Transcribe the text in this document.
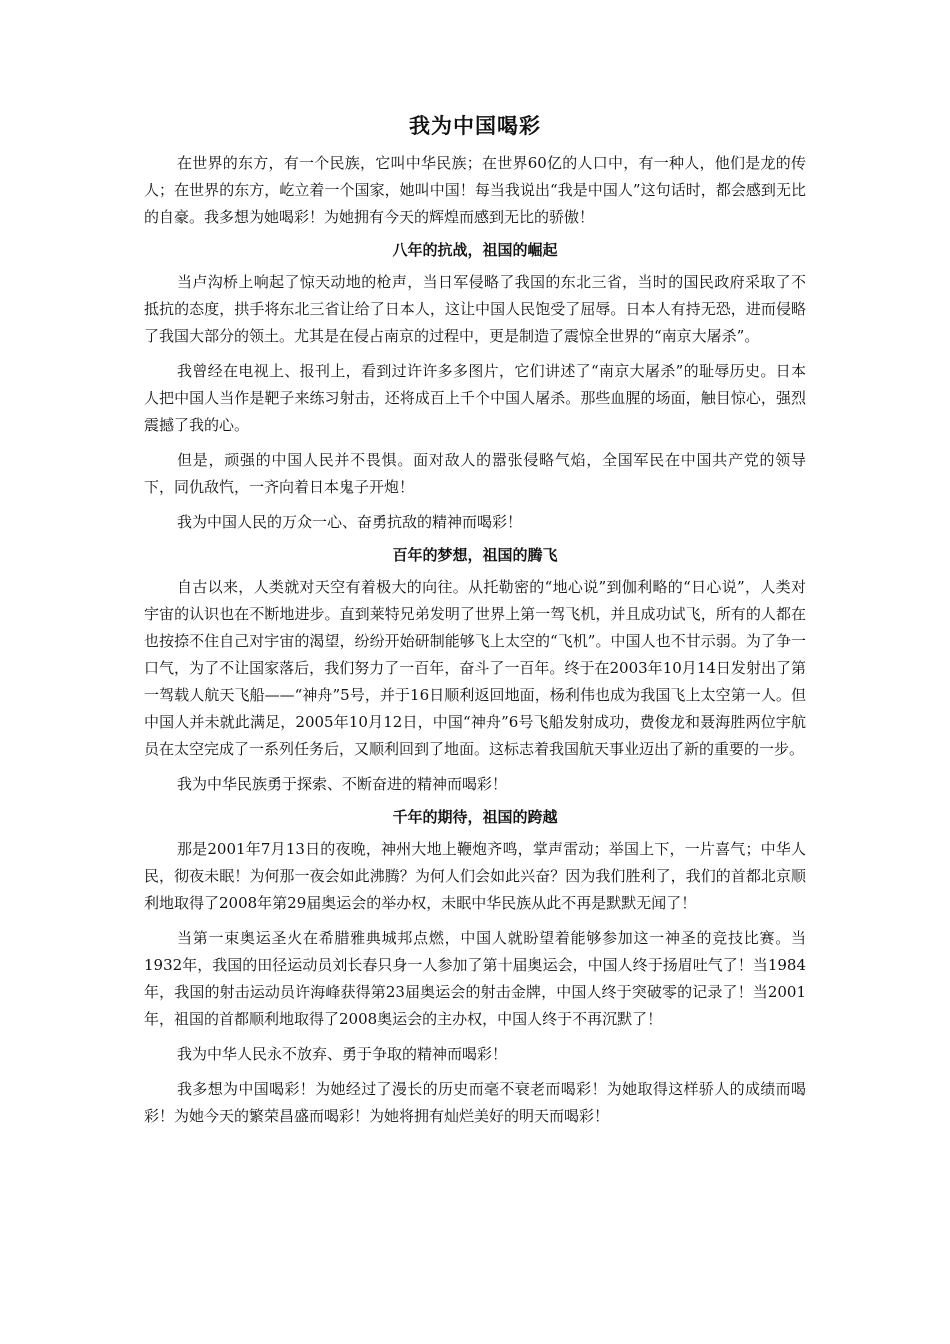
我为中国喝彩

在世界的东方，有一个民族，它叫中华民族；在世界60亿的人口中，有一种人，他们是龙的传人；在世界的东方，屹立着一个国家，她叫中国！每当我说出“我是中国人”这句话时，都会感到无比的自豪。我多想为她喝彩！为她拥有今天的辉煌而感到无比的骄傲！

八年的抗战，祖国的崛起

当卢沟桥上响起了惊天动地的枪声，当日军侵略了我国的东北三省，当时的国民政府采取了不抵抗的态度，拱手将东北三省让给了日本人，这让中国人民饱受了屈辱。日本人有持无恐，进而侵略了我国大部分的领土。尤其是在侵占南京的过程中，更是制造了震惊全世界的“南京大屠杀”。

我曾经在电视上、报刊上，看到过许许多多图片，它们讲述了“南京大屠杀”的耻辱历史。日本人把中国人当作是靶子来练习射击，还将成百上千个中国人屠杀。那些血腥的场面，触目惊心，强烈震撼了我的心。

但是，顽强的中国人民并不畏惧。面对敌人的嚣张侵略气焰，全国军民在中国共产党的领导下，同仇敌忾，一齐向着日本鬼子开炮！

我为中国人民的万众一心、奋勇抗敌的精神而喝彩！

百年的梦想，祖国的腾飞

自古以来，人类就对天空有着极大的向往。从托勒密的“地心说”到伽利略的“日心说”，人类对宇宙的认识也在不断地进步。直到莱特兄弟发明了世界上第一驾飞机，并且成功试飞，所有的人都在也按捺不住自己对宇宙的渴望，纷纷开始研制能够飞上太空的“飞机”。中国人也不甘示弱。为了争一口气，为了不让国家落后，我们努力了一百年，奋斗了一百年。终于在2003年10月14日发射出了第一驾载人航天飞船——“神舟”5号，并于16日顺利返回地面，杨利伟也成为我国飞上太空第一人。但中国人并未就此满足，2005年10月12日，中国“神舟”6号飞船发射成功，费俊龙和聂海胜两位宇航员在太空完成了一系列任务后，又顺利回到了地面。这标志着我国航天事业迈出了新的重要的一步。

我为中华民族勇于探索、不断奋进的精神而喝彩！

千年的期待，祖国的跨越

那是2001年7月13日的夜晚，神州大地上鞭炮齐鸣，掌声雷动；举国上下，一片喜气；中华人民，彻夜未眠！为何那一夜会如此沸腾？为何人们会如此兴奋？因为我们胜利了，我们的首都北京顺利地取得了2008年第29届奥运会的举办权，未眠中华民族从此不再是默默无闻了！

当第一束奥运圣火在希腊雅典城邦点燃，中国人就盼望着能够参加这一神圣的竞技比赛。当1932年，我国的田径运动员刘长春只身一人参加了第十届奥运会，中国人终于扬眉吐气了！当1984年，我国的射击运动员许海峰获得第23届奥运会的射击金牌，中国人终于突破零的记录了！当2001年，祖国的首都顺利地取得了2008奥运会的主办权，中国人终于不再沉默了！

我为中华人民永不放弃、勇于争取的精神而喝彩！

我多想为中国喝彩！为她经过了漫长的历史而毫不衰老而喝彩！为她取得这样骄人的成绩而喝彩！为她今天的繁荣昌盛而喝彩！为她将拥有灿烂美好的明天而喝彩！
